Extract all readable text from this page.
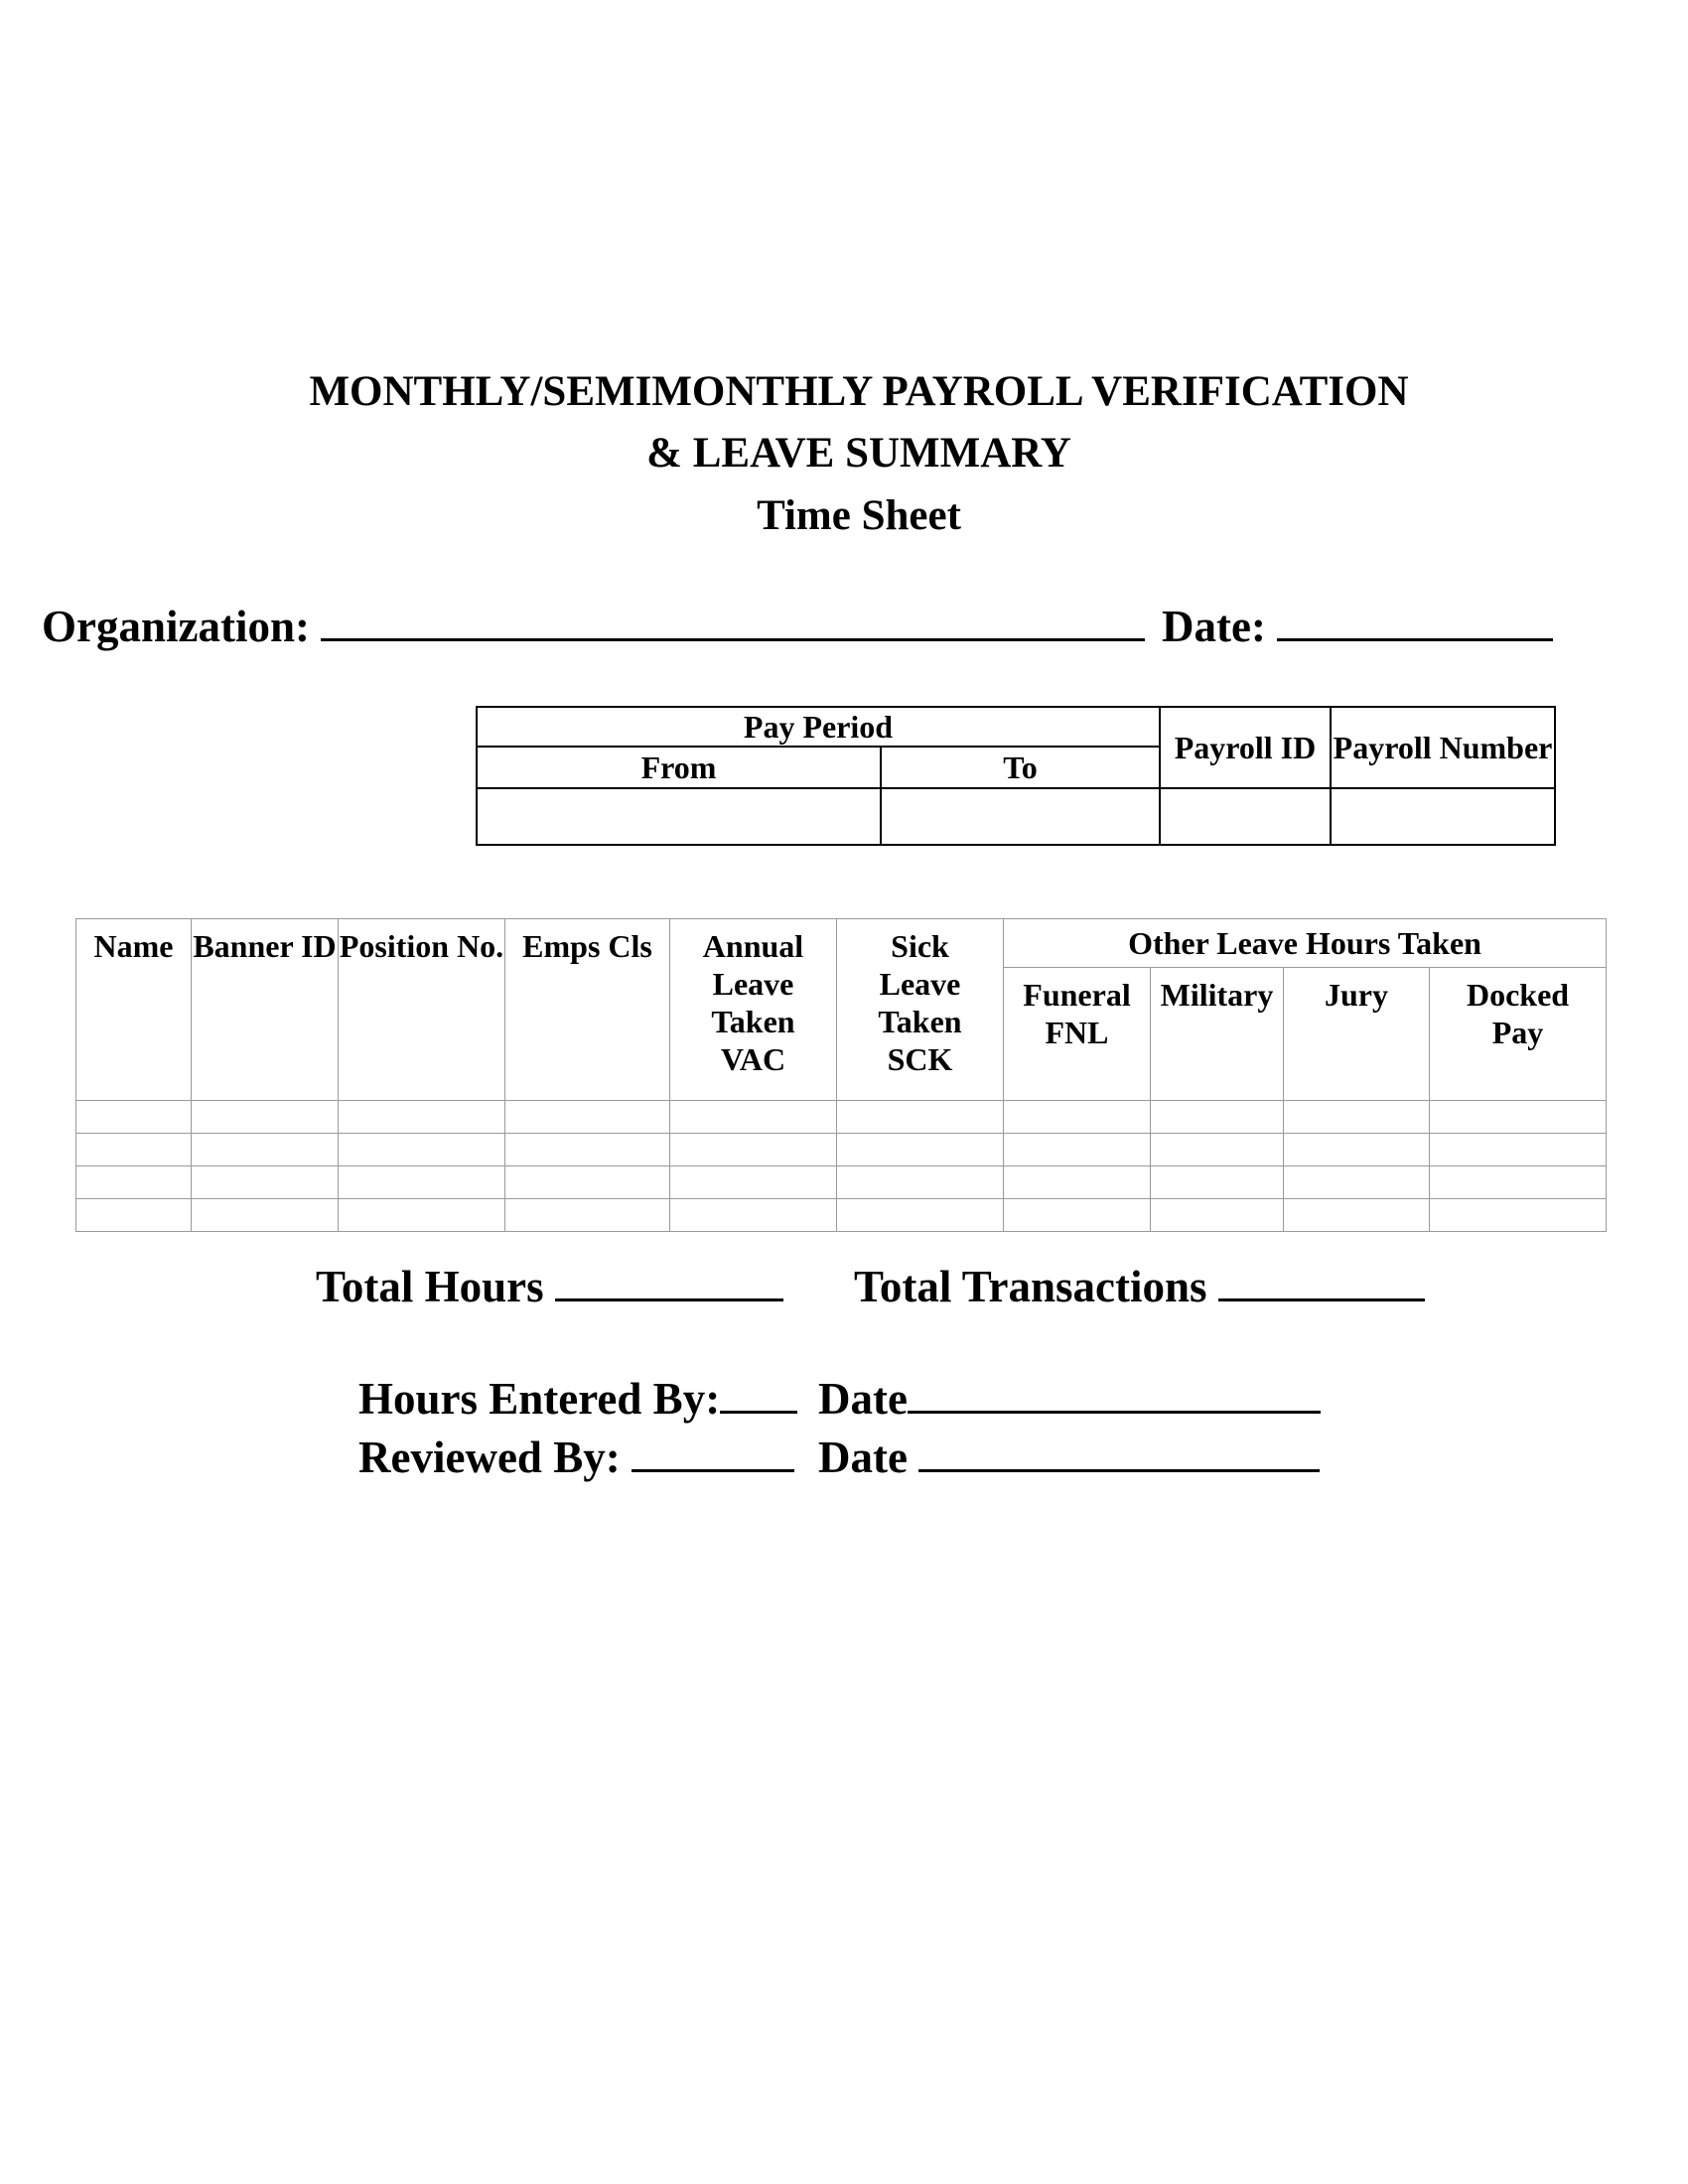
MONTHLY/SEMIMONTHLY PAYROLL VERIFICATION
& LEAVE SUMMARY
Time Sheet
Organization:	Date:
Pay Period		Payroll ID	Payroll Number
From	To		

Name	Banner ID	Position No.	Emps Cls	Annual Leave Taken VAC	Sick Leave Taken SCK	Other Leave Hours Taken			
						Funeral FNL	Military	Jury	Docked Pay

Total Hours	Total Transactions
Hours Entered By:	Date
Reviewed By:	Date
